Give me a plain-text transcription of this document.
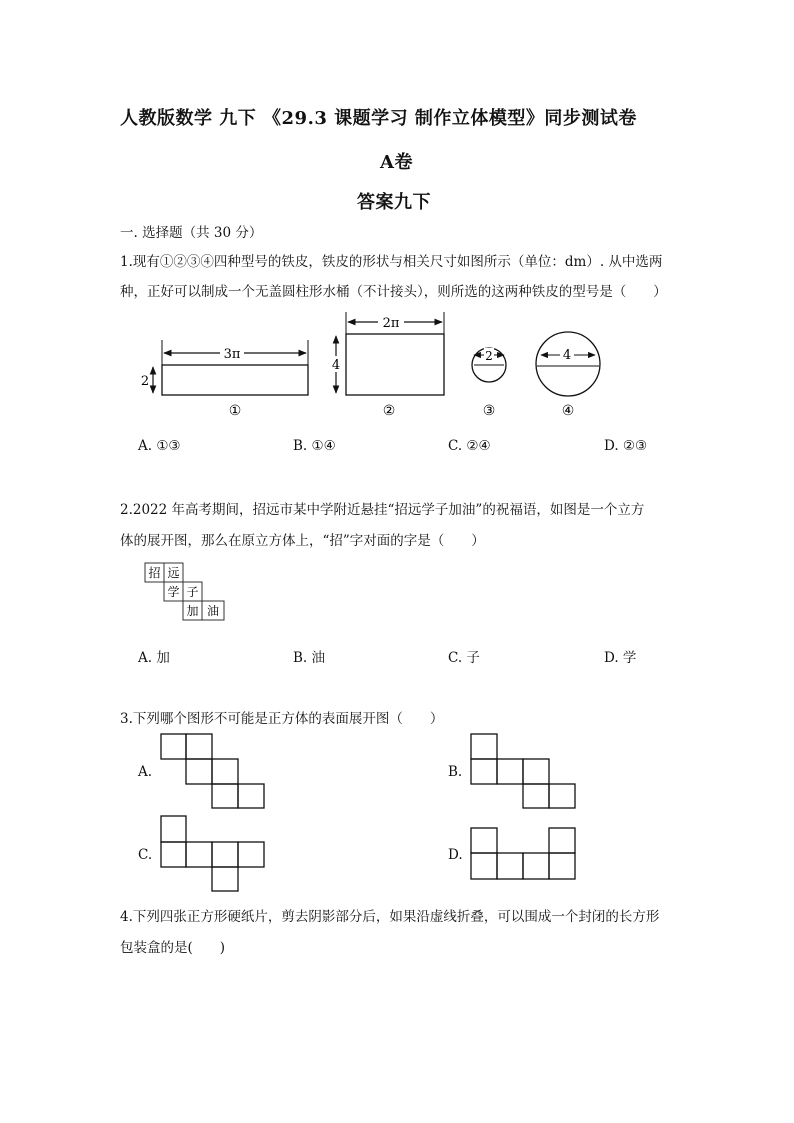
人教版数学 九下 《29.3 课题学习 制作立体模型》同步测试卷
A卷
答案九下
一. 选择题（共 30 分）
1.现有①②③④四种型号的铁皮，铁皮的形状与相关尺寸如图所示（单位：dm）. 从中选两
种，正好可以制成一个无盖圆柱形水桶（不计接头），则所选的这两种铁皮的型号是（　　）
3π
2
①
2π
4
②
2
③
4
④
招 远
学 子
加 油
A. ①③	B. ①④	C. ②④	D. ②③
2.2022 年高考期间，招远市某中学附近悬挂“招远学子加油”的祝福语，如图是一个立方
体的展开图，那么在原立方体上，“招”字对面的字是（　　）
A. 加	B. 油	C. 子	D. 学
3.下列哪个图形不可能是正方体的表面展开图（　　）
A.	B.
C.	D.
4.下列四张正方形硬纸片，剪去阴影部分后，如果沿虚线折叠，可以围成一个封闭的长方形
包装盒的是(　　)
